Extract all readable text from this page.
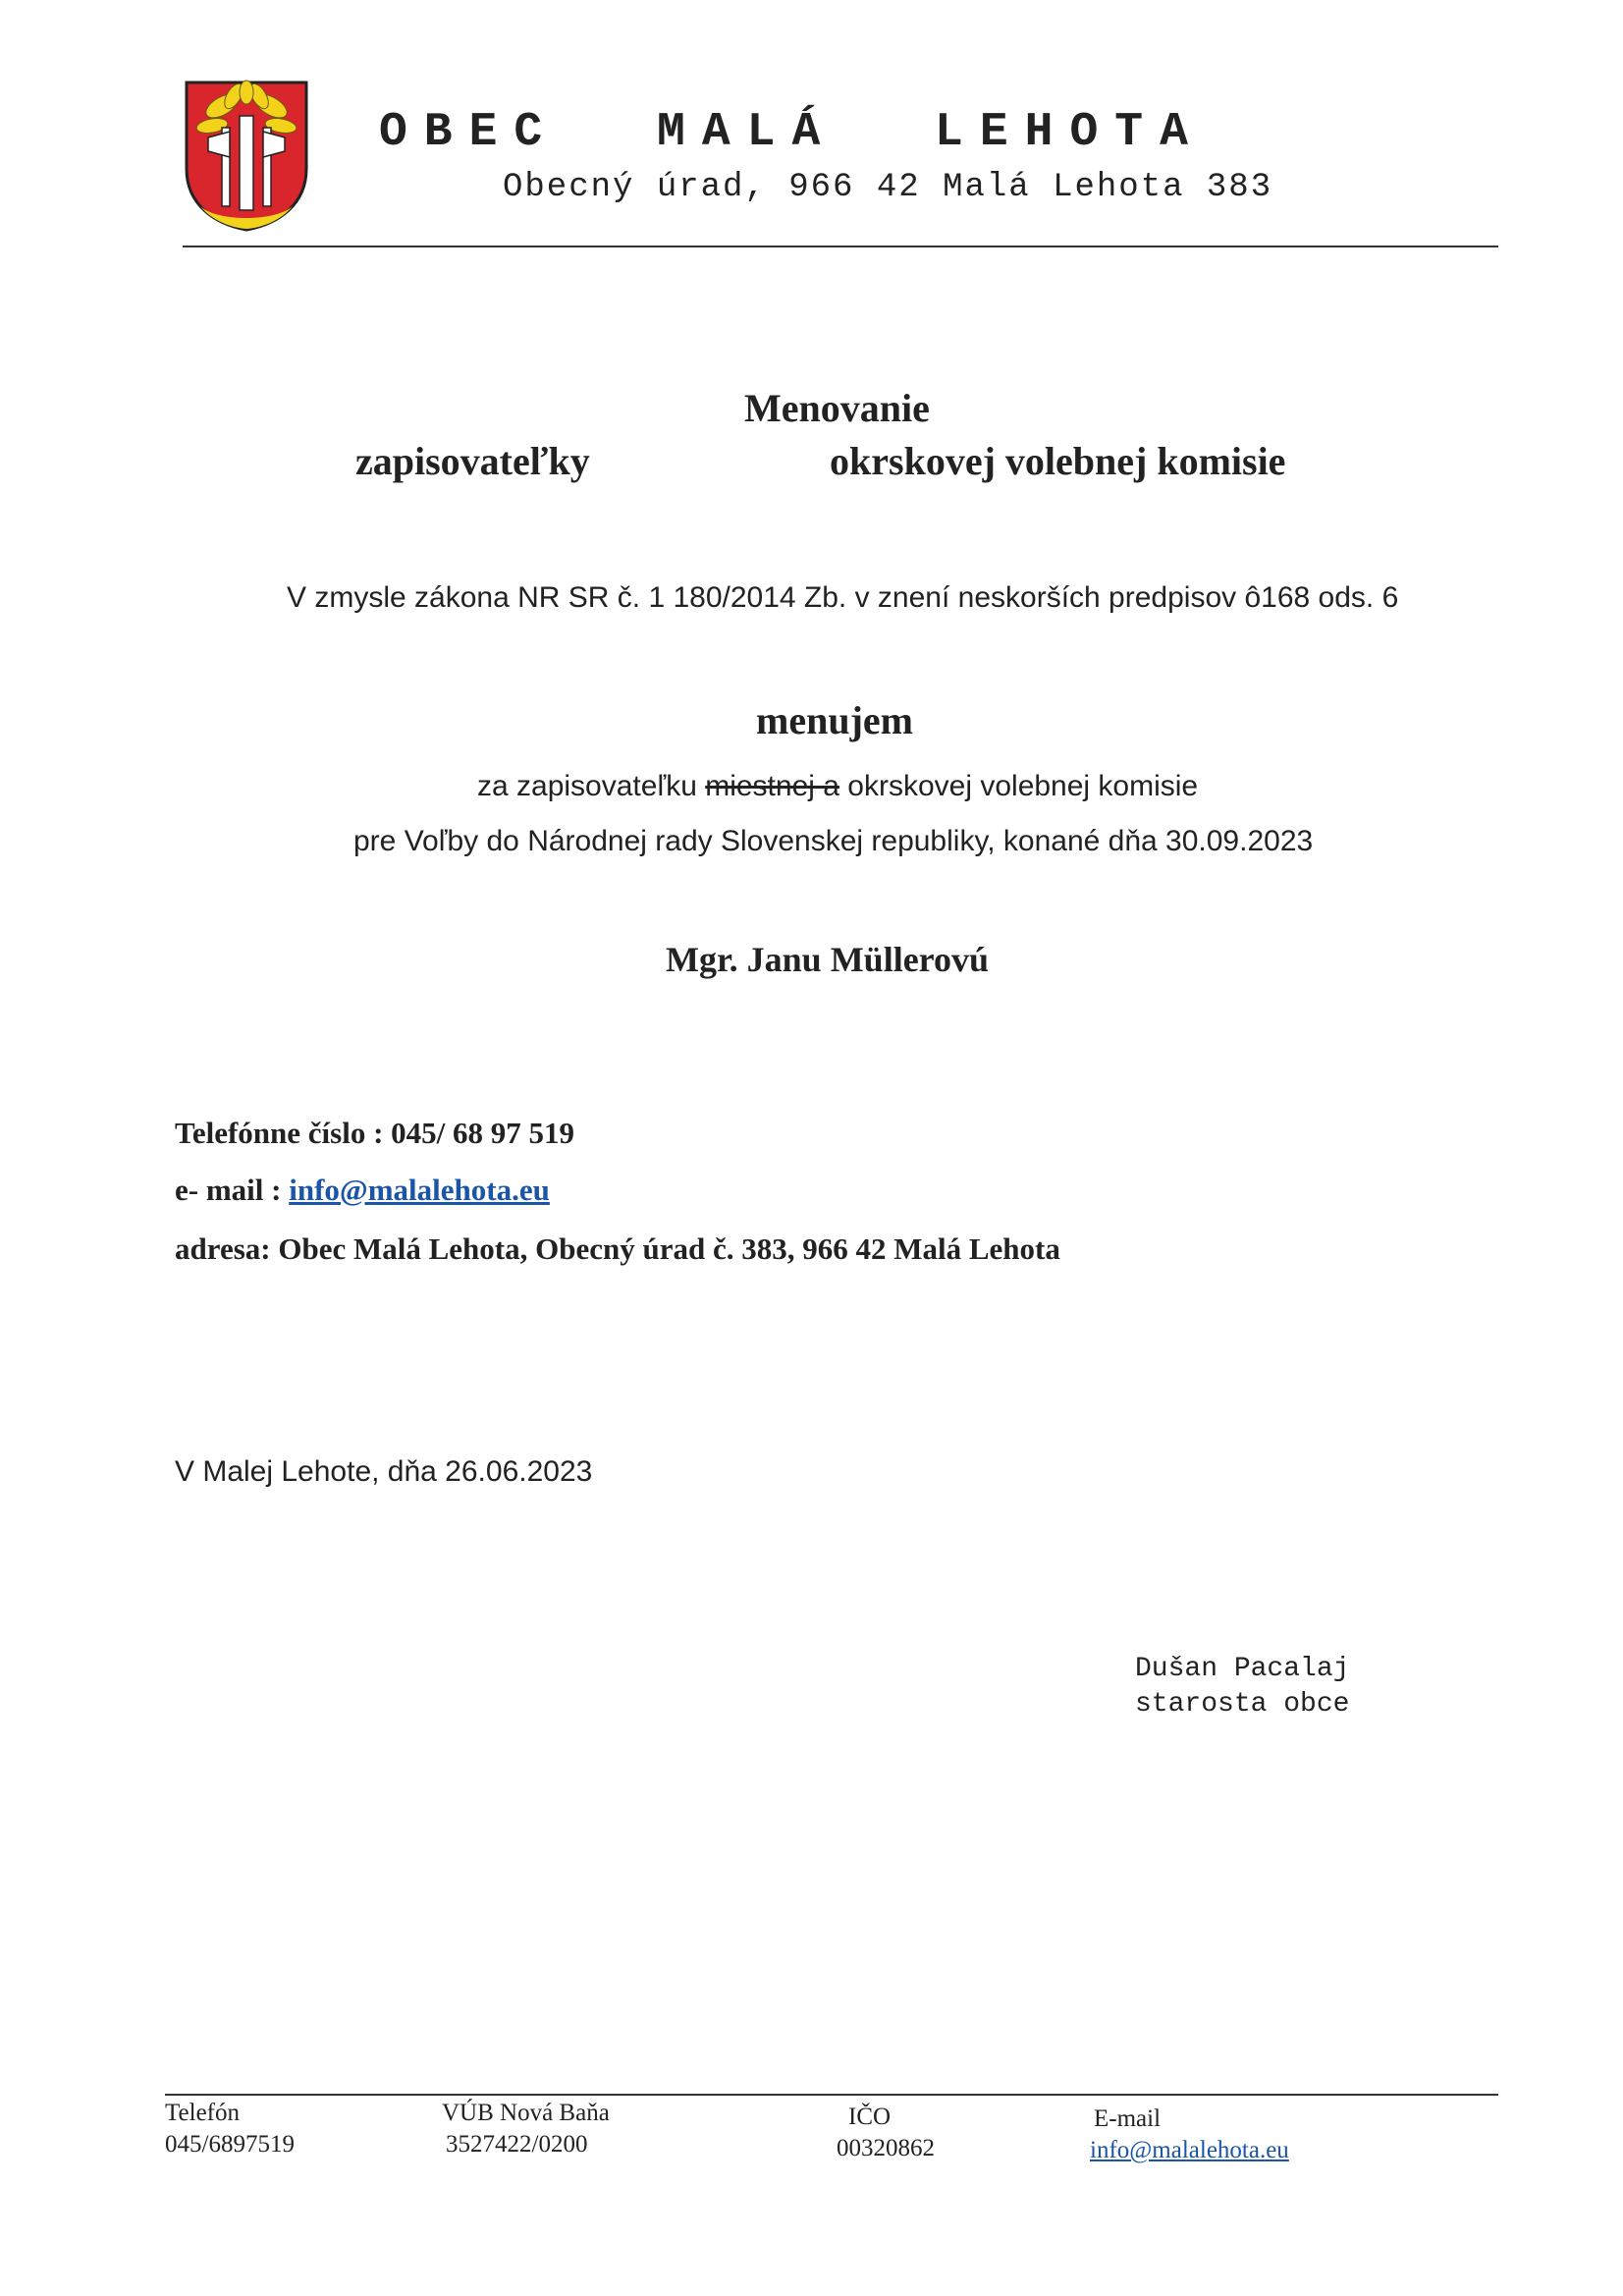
OBEC MALÁ LEHOTA
Obecný úrad, 966 42 Malá Lehota 383
Menovanie
zapisovateľky	okrskovej volebnej komisie
V zmysle zákona NR SR č. 1 180/2014 Zb. v znení neskorších predpisov ô168 ods. 6
menujem
za zapisovateľku miestnej a okrskovej volebnej komisie
pre Voľby do Národnej rady Slovenskej republiky, konané dňa 30.09.2023
Mgr. Janu Müllerovú
Telefónne číslo : 045/ 68 97 519
e- mail : info@malalehota.eu
adresa: Obec Malá Lehota, Obecný úrad č. 383, 966 42 Malá Lehota
V Malej Lehote, dňa 26.06.2023
Dušan Pacalaj
starosta obce
Telefón
045/6897519
VÚB Nová Baňa
3527422/0200
IČO
00320862
E-mail
info@malalehota.eu
